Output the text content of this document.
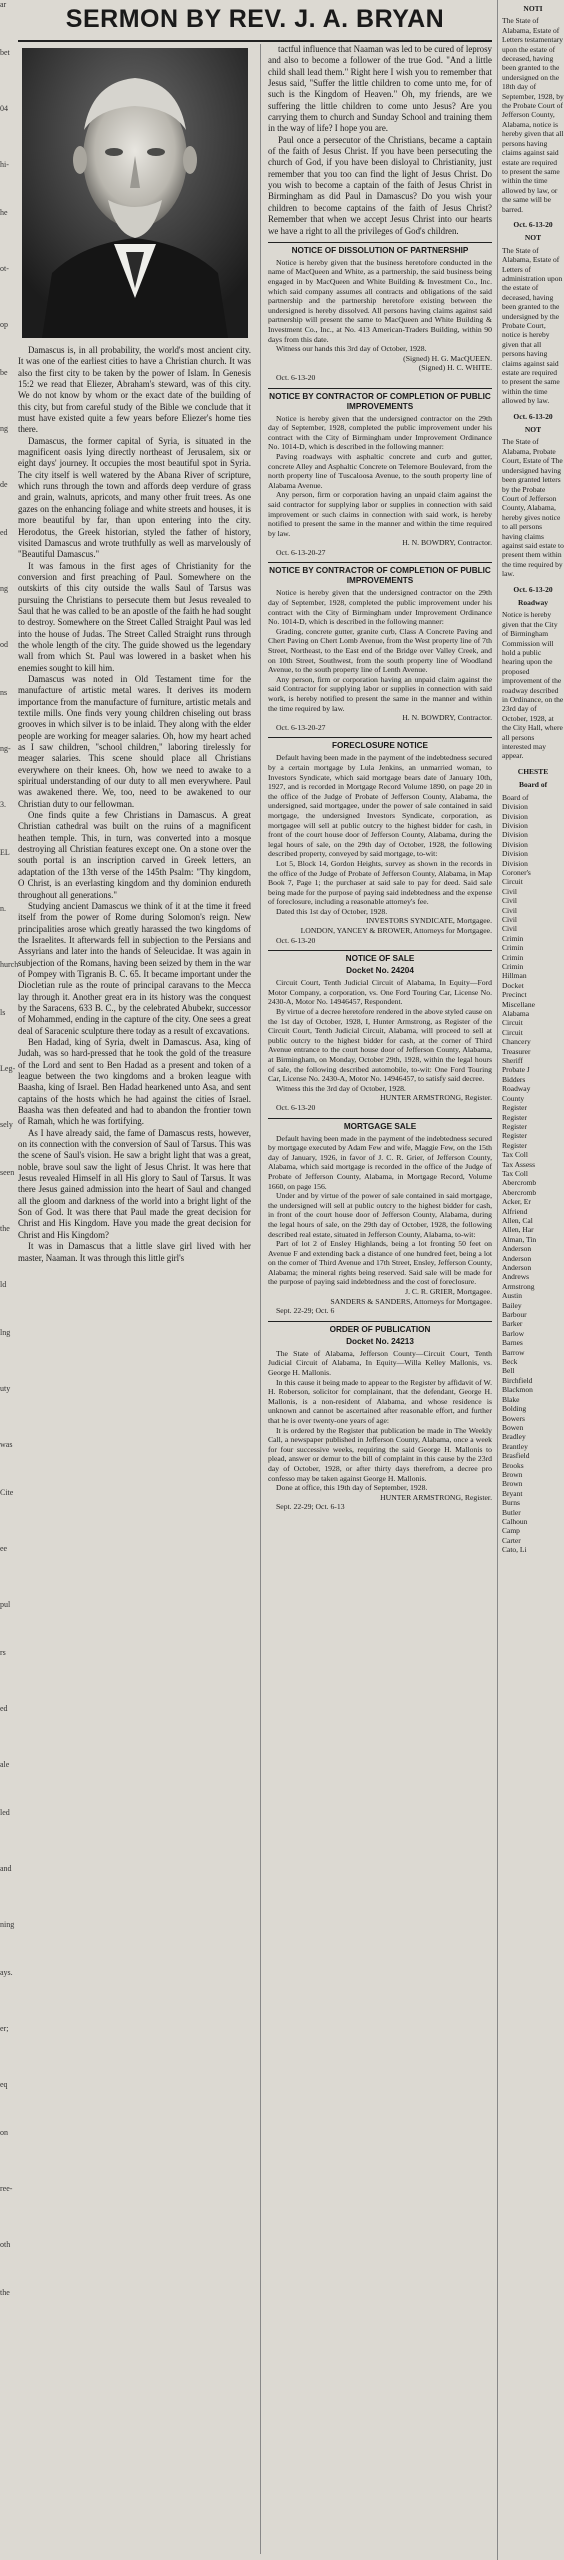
ar
bet
04
hi-
he
ot-
op
be
ng
de
ed
ng
od
ns
ng-
3.
EL
n.
hurch
ls
Leg-
sely
seen
the
ld
lng
uty
was
Cite
ee
pul
rs
ed
ale
led
and
ning
ays.
er;
eq
on
ree-
oth
the
SERMON BY REV. J. A. BRYAN

Damascus is, in all probability, the world's most ancient city. It was one of the earliest cities to have a Christian church. It was also the first city to be taken by the power of Islam. In Genesis 15:2 we read that Eliezer, Abraham's steward, was of this city. We do not know by whom or the exact date of the building of this city, but from careful study of the Bible we conclude that it must have existed quite a few years before Eliezer's home ties there.

Damascus, the former capital of Syria, is situated in the magnificent oasis lying directly northeast of Jerusalem, six or eight days' journey. It occupies the most beautiful spot in Syria. The city itself is well watered by the Abana River of scripture, which runs through the town and affords deep verdure of grass and grain, walnuts, apricots, and many other fruit trees. As one gazes on the enhancing foliage and white streets and houses, it is more beautiful by far, than upon entering into the city. Herodotus, the Greek historian, styled the father of history, visited Damascus and wrote truthfully as well as marvelously of "Beautiful Damascus."

It was famous in the first ages of Christianity for the conversion and first preaching of Paul. Somewhere on the outskirts of this city outside the walls Saul of Tarsus was pursuing the Christians to persecute them but Jesus revealed to Saul that he was called to be an apostle of the faith he had sought to destroy. Somewhere on the Street Called Straight Paul was led into the house of Judas. The Street Called Straight runs through the whole length of the city. The guide showed us the legendary wall from which St. Paul was lowered in a basket when his enemies sought to kill him.

Damascus was noted in Old Testament time for the manufacture of artistic metal wares. It derives its modern importance from the manufacture of furniture, artistic metals and textile mills. One finds very young children chiseling out brass grooves in which silver is to be inlaid. They along with the elder people are working for meager salaries. Oh, how my heart ached as I saw children, "school children," laboring tirelessly for meager salaries. This scene should place all Christians everywhere on their knees. Oh, how we need to awake to a spiritual understanding of our duty to all men everywhere. Paul was awakened there. We, too, need to be awakened to our Christian duty to our fellowman.

One finds quite a few Christians in Damascus. A great Christian cathedral was built on the ruins of a magnificent heathen temple. This, in turn, was converted into a mosque destroying all Christian features except one. On a stone over the south portal is an inscription carved in Greek letters, an adaptation of the 13th verse of the 145th Psalm: "Thy kingdom, O Christ, is an everlasting kingdom and thy dominion endureth throughout all generations."

Studying ancient Damascus we think of it at the time it freed itself from the power of Rome during Solomon's reign. New principalities arose which greatly harassed the two kingdoms of the Israelites. It afterwards fell in subjection to the Persians and Assyrians and later into the hands of Seleucidae. It was again in subjection of the Romans, having been seized by them in the war of Pompey with Tigranis B. C. 65. It became important under the Diocletian rule as the route of principal caravans to the Mecca lay through it. Another great era in its history was the conquest by the Saracens, 633 B. C., by the celebrated Abubekr, successor of Mohammed, ending in the capture of the city. One sees a great deal of Saracenic sculpture there today as a result of excavations.

Ben Hadad, king of Syria, dwelt in Damascus. Asa, king of Judah, was so hard-pressed that he took the gold of the treasure of the Lord and sent to Ben Hadad as a present and token of a league between the two kingdoms and a broken league with Baasha, king of Israel. Ben Hadad hearkened unto Asa, and sent captains of the hosts which he had against the cities of Israel. Baasha was then defeated and had to abandon the frontier town of Ramah, which he was fortifying.

As I have already said, the fame of Damascus rests, however, on its connection with the conversion of Saul of Tarsus. This was the scene of Saul's vision. He saw a bright light that was a great, noble, brave soul saw the light of Jesus Christ. It was here that Jesus revealed Himself in all His glory to Saul of Tarsus. It was there Jesus gained admission into the heart of Saul and changed all the gloom and darkness of the world into a bright light of the Son of God. It was there that Paul made the great decision for Christ and His Kingdom. Have you made the great decision for Christ and His Kingdom?

It was in Damascus that a little slave girl lived with her master, Naaman. It was through this little girl's

tactful influence that Naaman was led to be cured of leprosy and also to become a follower of the true God. "And a little child shall lead them." Right here I wish you to remember that Jesus said, "Suffer the little children to come unto me, for of such is the Kingdom of Heaven." Oh, my friends, are we suffering the little children to come unto Jesus? Are you carrying them to church and Sunday School and training them in the way of life? I hope you are.

Paul once a persecutor of the Christians, became a captain of the faith of Jesus Christ. If you have been persecuting the church of God, if you have been disloyal to Christianity, just remember that you too can find the light of Jesus Christ. Do you wish to become a captain of the faith of Jesus Christ in Birmingham as did Paul in Damascus? Do you wish your children to become captains of the faith of Jesus Christ? Remember that when we accept Jesus Christ into our hearts we have a right to all the privileges of God's children.

NOTICE OF DISSOLUTION OF PARTNERSHIP

Notice is hereby given that the business heretofore conducted in the name of MacQueen and White, as a partnership, the said business being engaged in by MacQueen and White Building & Investment Co., Inc. which said company assumes all contracts and obligations of the said partnership and the partnership heretofore existing between the undersigned is hereby dissolved. All persons having claims against said partnership will present the same to MacQueen and White Building & Investment Co., Inc., at No. 413 American-Traders Building, within 90 days from this date.

Witness our hands this 3rd day of October, 1928.

(Signed) H. G. MacQUEEN.

(Signed) H. C. WHITE.

Oct. 6-13-20

NOTICE BY CONTRACTOR OF COMPLETION OF PUBLIC IMPROVEMENTS

Notice is hereby given that the undersigned contractor on the 29th day of September, 1928, completed the public improvement under his contract with the City of Birmingham under Improvement Ordinance No. 1014-D, which is described in the following manner:

Paving roadways with asphaltic concrete and curb and gutter, concrete Alley and Asphaltic Concrete on Telemore Boulevard, from the north property line of Tuscaloosa Avenue, to the south property line of Alabama Avenue.

Any person, firm or corporation having an unpaid claim against the said contractor for supplying labor or supplies in connection with said improvement or such claims in connection with said work, is hereby notified to present the same in the manner and within the time required by law.

H. N. BOWDRY, Contractor.

Oct. 6-13-20-27

NOTICE BY CONTRACTOR OF COMPLETION OF PUBLIC IMPROVEMENTS

Notice is hereby given that the undersigned contractor on the 29th day of September, 1928, completed the public improvement under his contract with the City of Birmingham under Improvement Ordinance No. 1014-D, which is described in the following manner:

Grading, concrete gutter, granite curb, Class A Concrete Paving and Chert Paving on Chert Lomb Avenue, from the West property line of 7th Street, Northeast, to the East end of the Bridge over Valley Creek, and on 10th Street, Southwest, from the south property line of Woodland Avenue, to the south property line of Lenth Avenue.

Any person, firm or corporation having an unpaid claim against the said Contractor for supplying labor or supplies in connection with said work, is hereby notified to present the same in the manner and within the time required by law.

H. N. BOWDRY, Contractor.

Oct. 6-13-20-27

FORECLOSURE NOTICE

Default having been made in the payment of the indebtedness secured by a certain mortgage by Lula Jenkins, an unmarried woman, to Investors Syndicate, which said mortgage bears date of January 10th, 1927, and is recorded in Mortgage Record Volume 1890, on page 20 in the office of the Judge of Probate of Jefferson County, Alabama, the undersigned, said mortgagee, under the power of sale contained in said mortgage, the undersigned Investors Syndicate, corporation, as mortgagee will sell at public outcry to the highest bidder for cash, in front of the court house door of Jefferson County, Alabama, during the legal hours of sale, on the 29th day of October, 1928, the following described property, conveyed by said mortgage, to-wit:

Lot 5, Block 14, Gordon Heights, survey as shown in the records in the office of the Judge of Probate of Jefferson County, Alabama, in Map Book 7, Page 1; the purchaser at said sale to pay for deed. Said sale being made for the purpose of paying said indebtedness and the expense of foreclosure, including a reasonable attorney's fee.

Dated this 1st day of October, 1928.

INVESTORS SYNDICATE, Mortgagee.

LONDON, YANCEY & BROWER, Attorneys for Mortgagee.

Oct. 6-13-20

NOTICE OF SALE
Docket No. 24204

Circuit Court, Tenth Judicial Circuit of Alabama, In Equity—Ford Motor Company, a corporation, vs. One Ford Touring Car, License No. 2430-A, Motor No. 14946457, Respondent.

By virtue of a decree heretofore rendered in the above styled cause on the 1st day of October, 1928, I, Hunter Armstrong, as Register of the Circuit Court, Tenth Judicial Circuit, Alabama, will proceed to sell at public outcry to the highest bidder for cash, at the corner of Third Avenue entrance to the court house door of Jefferson County, Alabama, at Birmingham, on Monday, October 29th, 1928, within the legal hours of sale, the following described automobile, to-wit: One Ford Touring Car, License No. 2430-A, Motor No. 14946457, to satisfy said decree.

Witness this the 3rd day of October, 1928.

HUNTER ARMSTRONG, Register.

Oct. 6-13-20

MORTGAGE SALE

Default having been made in the payment of the indebtedness secured by mortgage executed by Adam Few and wife, Maggie Few, on the 15th day of January, 1926, in favor of J. C. R. Grier, of Jefferson County, Alabama, which said mortgage is recorded in the office of the Judge of Probate of Jefferson County, Alabama, in Mortgage Record, Volume 1660, on page 156.

Under and by virtue of the power of sale contained in said mortgage, the undersigned will sell at public outcry to the highest bidder for cash, in front of the court house door of Jefferson County, Alabama, during the legal hours of sale, on the 29th day of October, 1928, the following described real estate, situated in Jefferson County, Alabama, to-wit:

Part of lot 2 of Ensley Highlands, being a lot fronting 50 feet on Avenue F and extending back a distance of one hundred feet, being a lot on the corner of Third Avenue and 17th Street, Ensley, Jefferson County, Alabama; the mineral rights being reserved. Said sale will be made for the purpose of paying said indebtedness and the cost of foreclosure.

J. C. R. GRIER, Mortgagee.

SANDERS & SANDERS, Attorneys for Mortgagee.

Sept. 22-29; Oct. 6

ORDER OF PUBLICATION
Docket No. 24213

The State of Alabama, Jefferson County—Circuit Court, Tenth Judicial Circuit of Alabama, In Equity—Willa Kelley Mallonis, vs. George H. Mallonis.

In this cause it being made to appear to the Register by affidavit of W. H. Roberson, solicitor for complainant, that the defendant, George H. Mallonis, is a non-resident of Alabama, and whose residence is unknown and cannot be ascertained after reasonable effort, and further that he is over twenty-one years of age:

It is ordered by the Register that publication be made in The Weekly Call, a newspaper published in Jefferson County, Alabama, once a week for four successive weeks, requiring the said George H. Mallonis to plead, answer or demur to the bill of complaint in this cause by the 23rd day of October, 1928, or after thirty days therefrom, a decree pro confesso may be taken against George H. Mallonis.

Done at office, this 19th day of September, 1928.

HUNTER ARMSTRONG, Register.

Sept. 22-29; Oct. 6-13

NOTI

The State of Alabama, Estate of Letters testamentary upon the estate of deceased, having been granted to the undersigned on the 18th day of September, 1928, by the Probate Court of Jefferson County, Alabama, notice is hereby given that all persons having claims against said estate are required to present the same within the time allowed by law, or the same will be barred.

Oct. 6-13-20
NOT

The State of Alabama, Estate of Letters of administration upon the estate of deceased, having been granted to the undersigned by the Probate Court, notice is hereby given that all persons having claims against said estate are required to present the same within the time allowed by law.

Oct. 6-13-20
NOT

The State of Alabama, Probate Court, Estate of The undersigned having been granted letters by the Probate Court of Jefferson County, Alabama, hereby gives notice to all persons having claims against said estate to present them within the time required by law.

Oct. 6-13-20
Roadway

Notice is hereby given that the City of Birmingham Commission will hold a public hearing upon the proposed improvement of the roadway described in Ordinance, on the 23rd day of October, 1928, at the City Hall, where all persons interested may appear.

CHESTE
Board of
Board of
Division
Division
Division
Division
Division
Division
Division
Coroner's
Circuit
Civil
Civil
Civil
Civil
Civil
Crimin
Crimin
Crimin
Crimin
Hillman
Docket
Precinct
Miscellane
Alabama
Circuit
Circuit
Chancery
Treasurer
Sheriff
Probate J
Bidders
Roadway
County
Register
Register
Register
Register
Register
Tax Coll
Tax Assess
Tax Coll
Abercromb
Abercromb
Acker, Er
Alfriend
Allen, Cal
Allen, Har
Alman, Tin
Anderson
Anderson
Anderson
Andrews
Armstrong
Austin
Bailey
Barbour
Barker
Barlow
Barnes
Barrow
Beck
Bell
Birchfield
Blackmon
Blake
Bolding
Bowers
Bowen
Bradley
Brantley
Brasfield
Brooks
Brown
Brown
Bryant
Burns
Butler
Calhoun
Camp
Carter
Cato, Li
